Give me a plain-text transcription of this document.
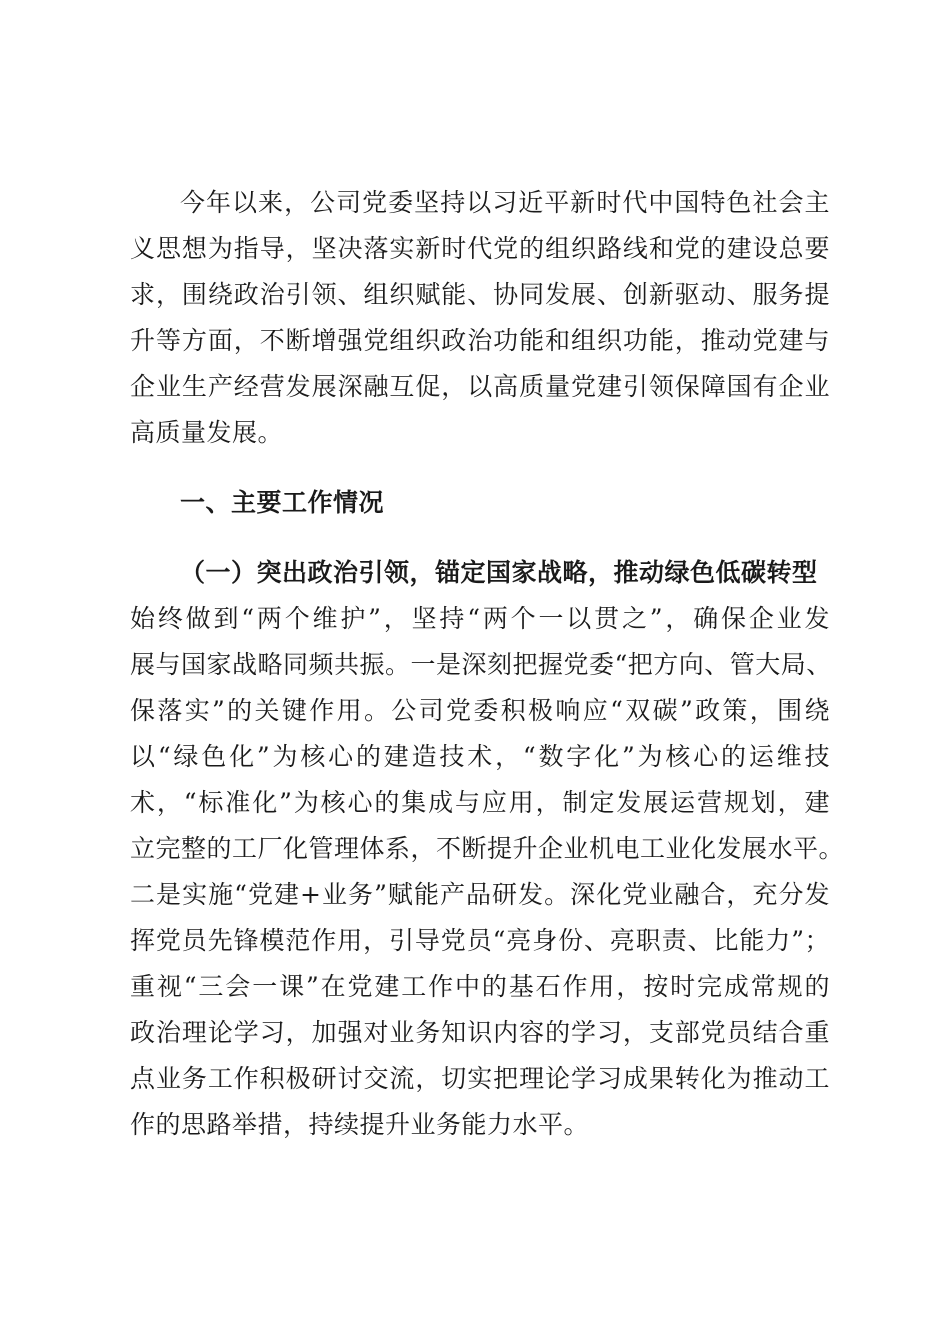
今年以来，公司党委坚持以习近平新时代中国特色社会主
义思想为指导，坚决落实新时代党的组织路线和党的建设总要
求，围绕政治引领、组织赋能、协同发展、创新驱动、服务提
升等方面，不断增强党组织政治功能和组织功能，推动党建与
企业生产经营发展深融互促，以高质量党建引领保障国有企业
高质量发展。
一、主要工作情况
（一）突出政治引领，锚定国家战略，推动绿色低碳转型
始终做到“两个维护”，坚持“两个一以贯之”，确保企业发
展与国家战略同频共振。一是深刻把握党委“把方向、管大局、
保落实”的关键作用。公司党委积极响应“双碳”政策，围绕
以“绿色化”为核心的建造技术，“数字化”为核心的运维技
术，“标准化”为核心的集成与应用，制定发展运营规划，建
立完整的工厂化管理体系，不断提升企业机电工业化发展水平。
二是实施“党建+业务”赋能产品研发。深化党业融合，充分发
挥党员先锋模范作用，引导党员“亮身份、亮职责、比能力”；
重视“三会一课”在党建工作中的基石作用，按时完成常规的
政治理论学习，加强对业务知识内容的学习，支部党员结合重
点业务工作积极研讨交流，切实把理论学习成果转化为推动工
作的思路举措，持续提升业务能力水平。
